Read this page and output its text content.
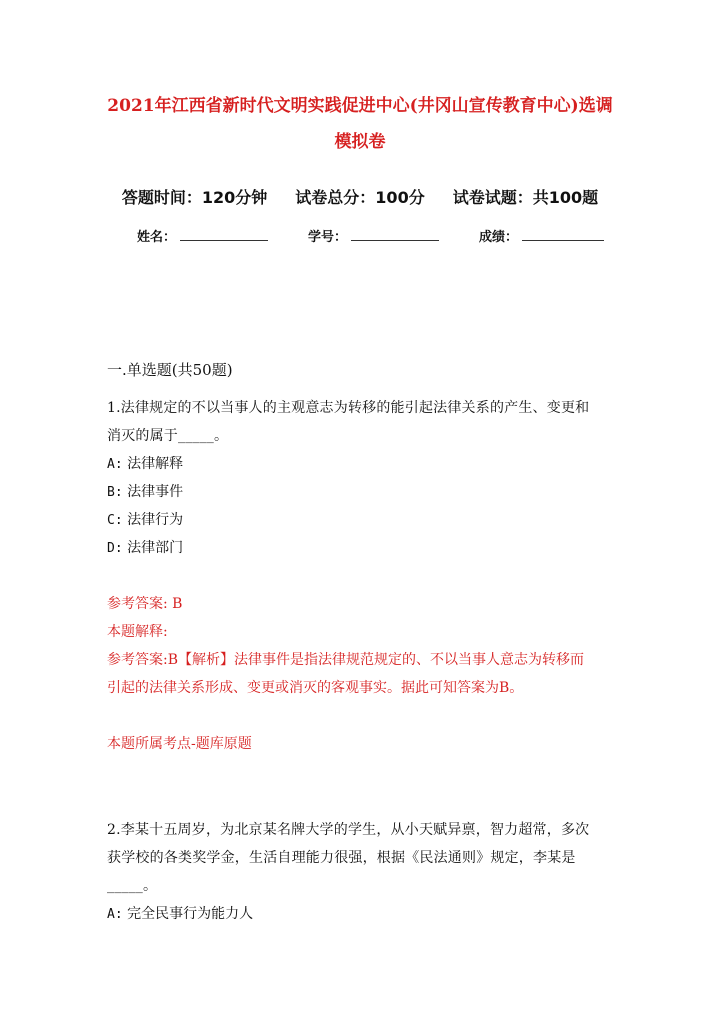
2021年江西省新时代文明实践促进中心(井冈山宣传教育中心)选调
模拟卷
答题时间：120分钟 试卷总分：100分 试卷试题：共100题
姓名：	学号：	成绩：
一.单选题(共50题)
1.法律规定的不以当事人的主观意志为转移的能引起法律关系的产生、变更和
消灭的属于_____。
A: 法律解释
B: 法律事件
C: 法律行为
D: 法律部门
参考答案: B
本题解释:
参考答案:B【解析】法律事件是指法律规范规定的、不以当事人意志为转移而
引起的法律关系形成、变更或消灭的客观事实。据此可知答案为B。
本题所属考点-题库原题
2.李某十五周岁，为北京某名牌大学的学生，从小天赋异禀，智力超常，多次
获学校的各类奖学金，生活自理能力很强，根据《民法通则》规定，李某是
_____。
A: 完全民事行为能力人
